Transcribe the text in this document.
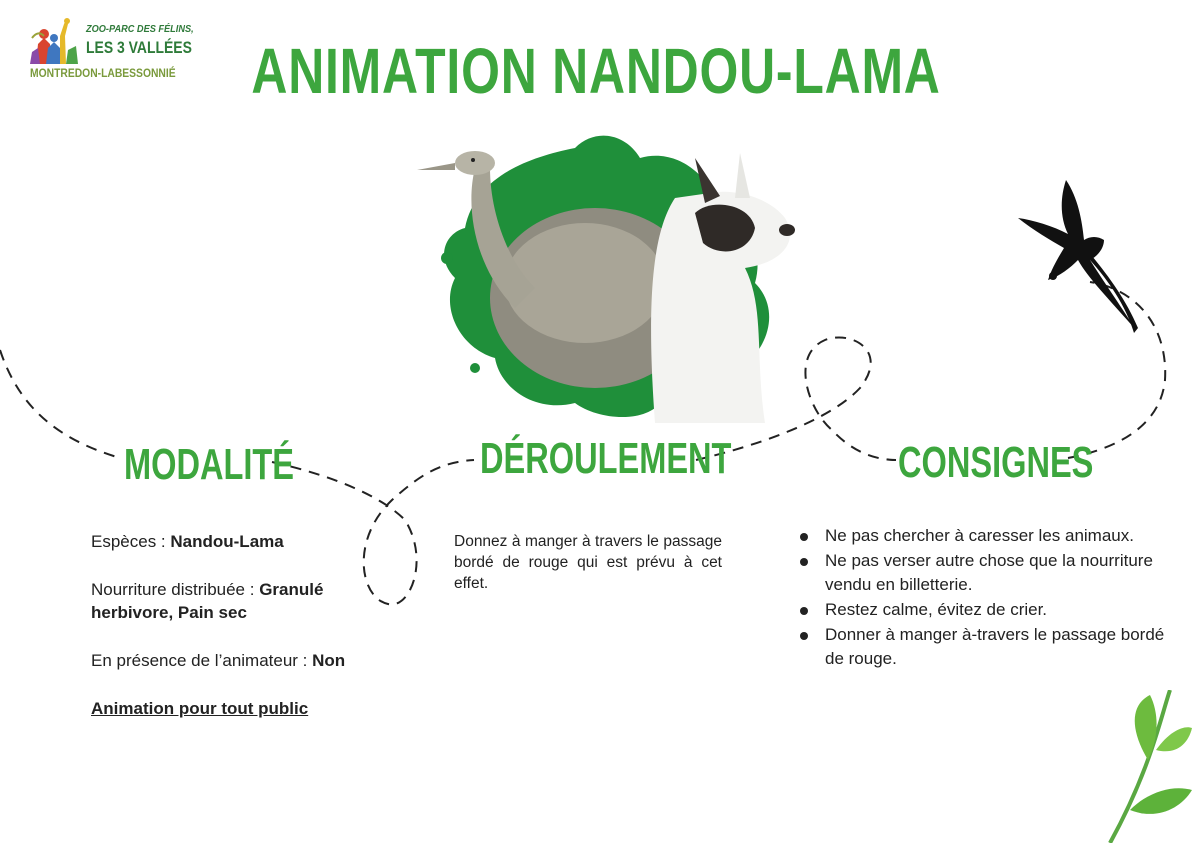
ZOO-PARC DES FÉLINS,
LES 3 VALLÉES
MONTREDON-LABESSONNIÉ	ANIMATION NANDOU-LAMA
MODALITÉ	DÉROULEMENT	CONSIGNES

Espèces : Nandou-Lama

Nourriture distribuée : Granulé herbivore, Pain sec

En présence de l’animateur : Non

Animation pour tout public

Donnez à manger à travers le passage bordé de rouge qui est prévu à cet effet.
Ne pas chercher à caresser les animaux.
Ne pas verser autre chose que la nourriture vendu en billetterie.
Restez calme, évitez de crier.
Donner à manger à-travers le passage bordé de rouge.
